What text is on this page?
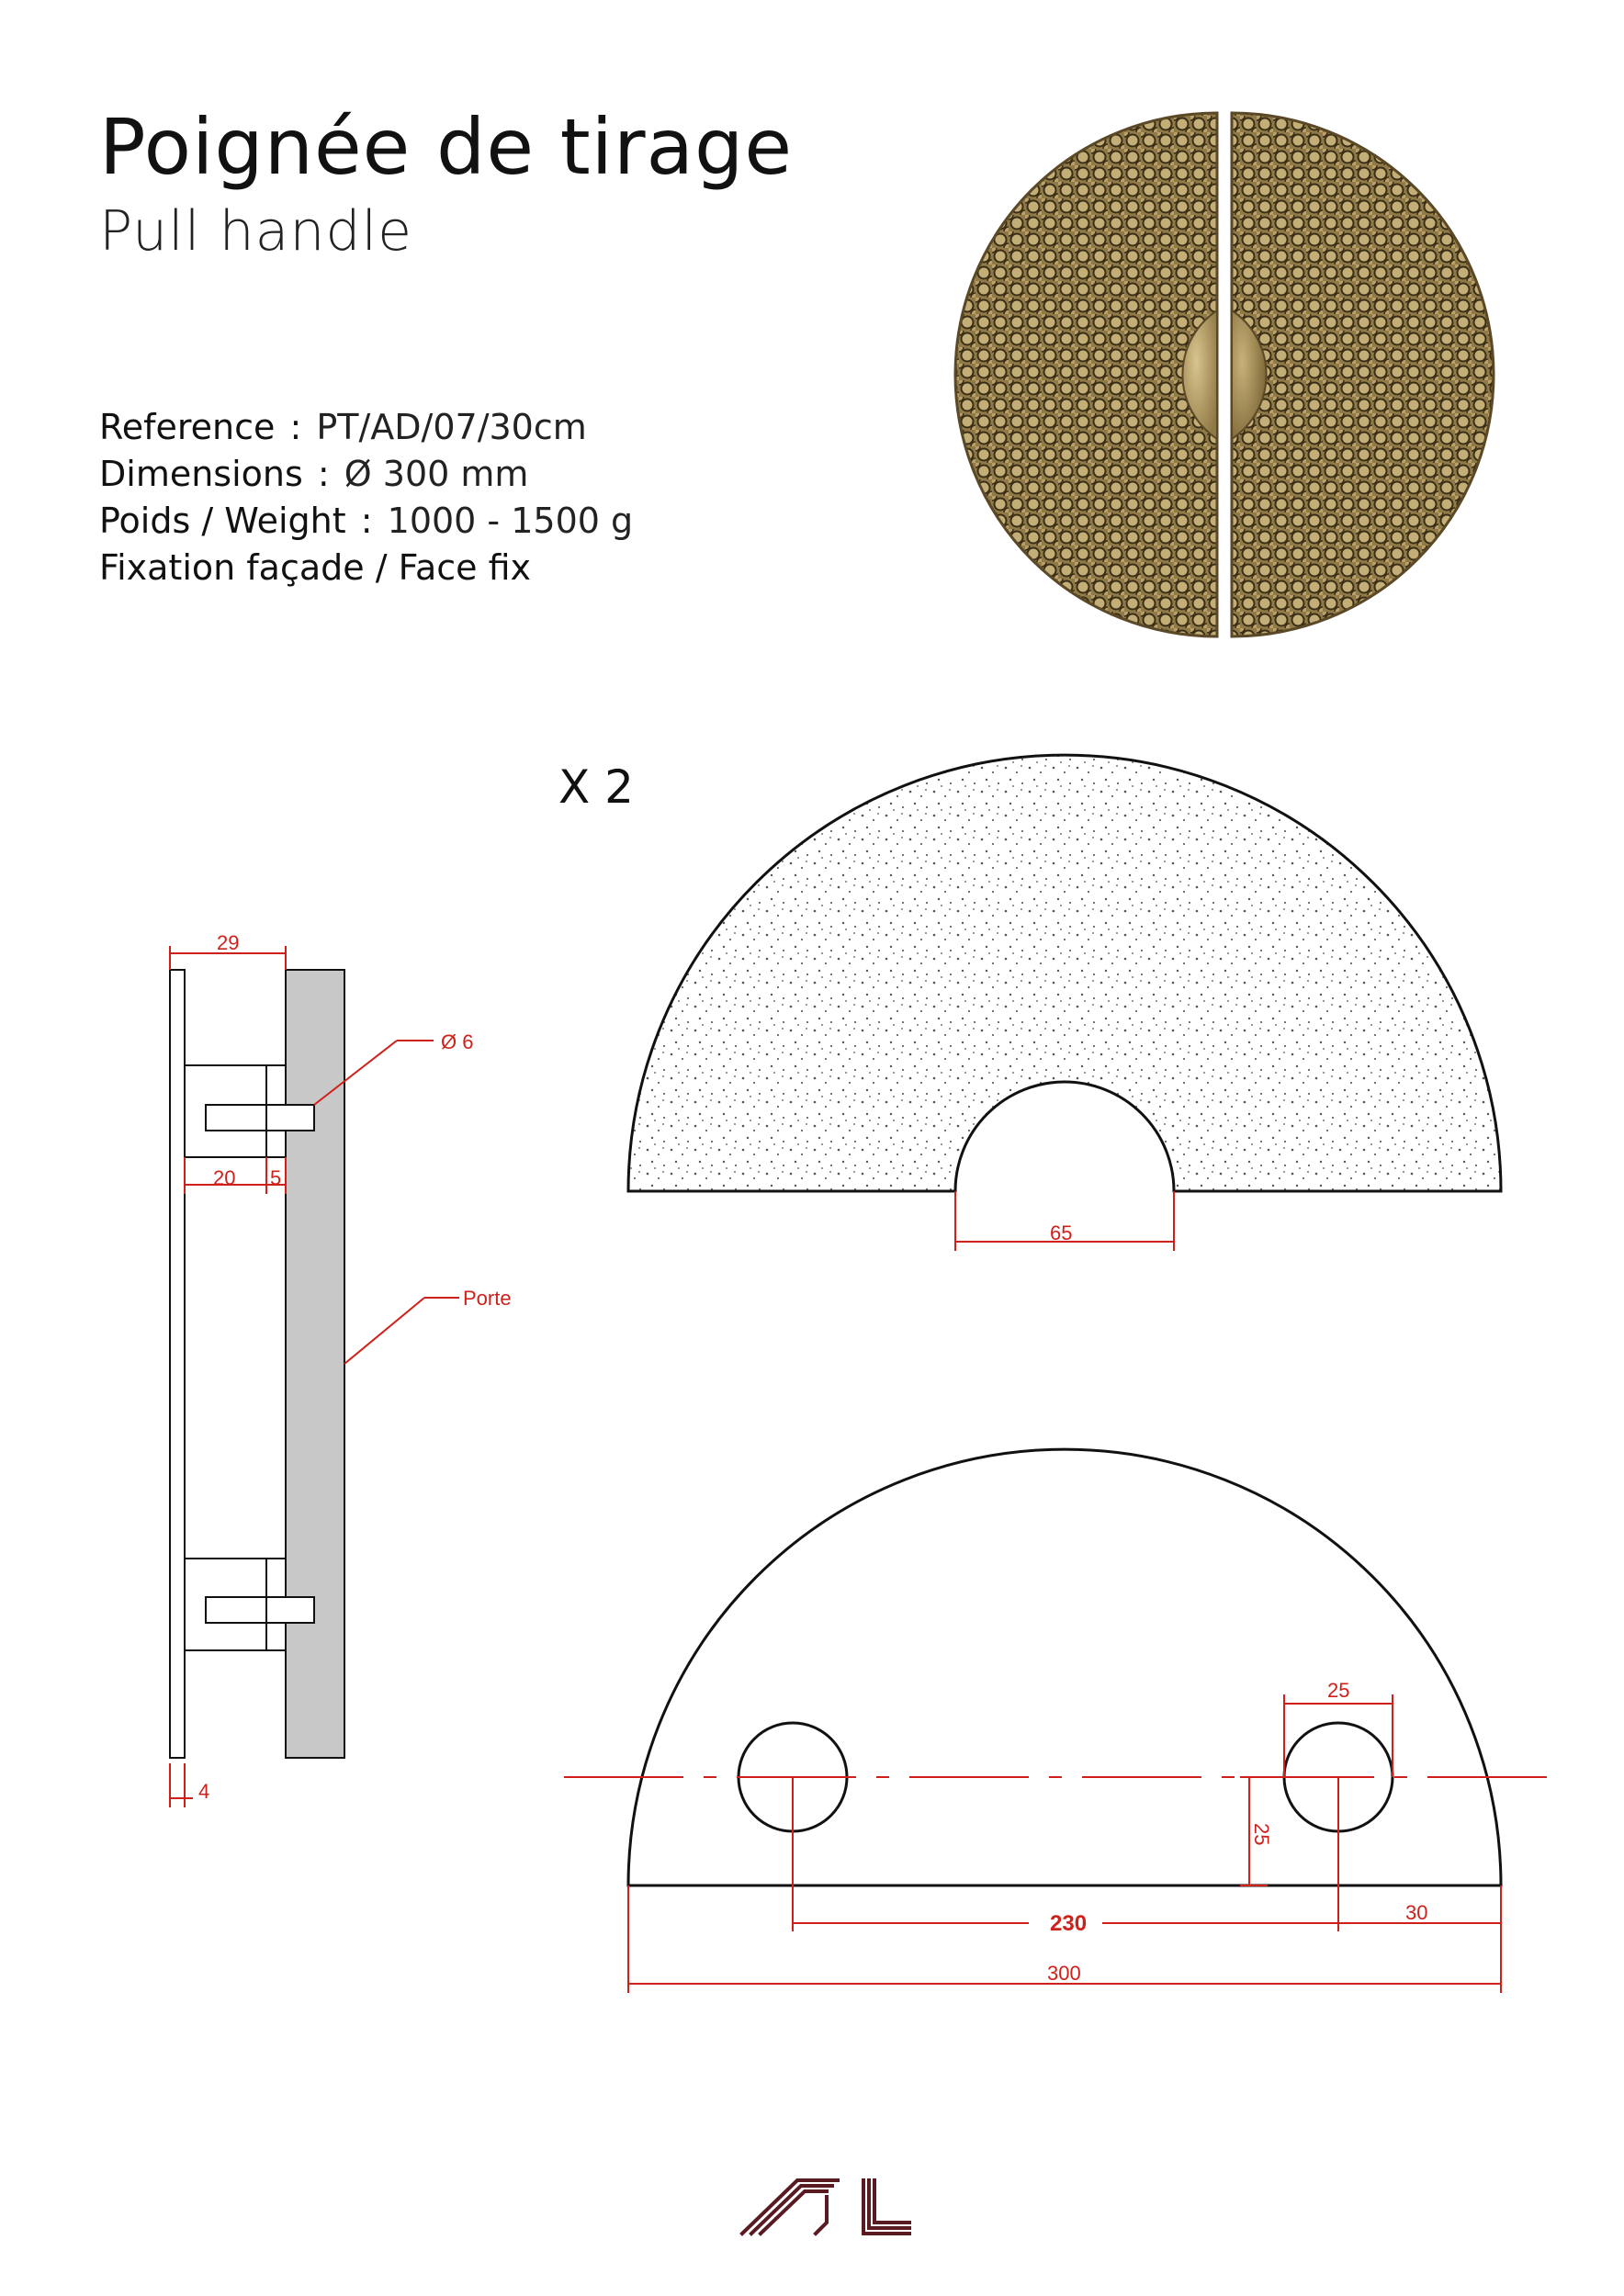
Poignée de tirage
Pull handle
Reference : PT/AD/07/30cm
Dimensions : Ø 300 mm
Poids / Weight : 1000 - 1500 g
Fixation façade / Face fix
X 2
29
Ø 6
20 5
Porte
4
65
25
25
230	30
300
